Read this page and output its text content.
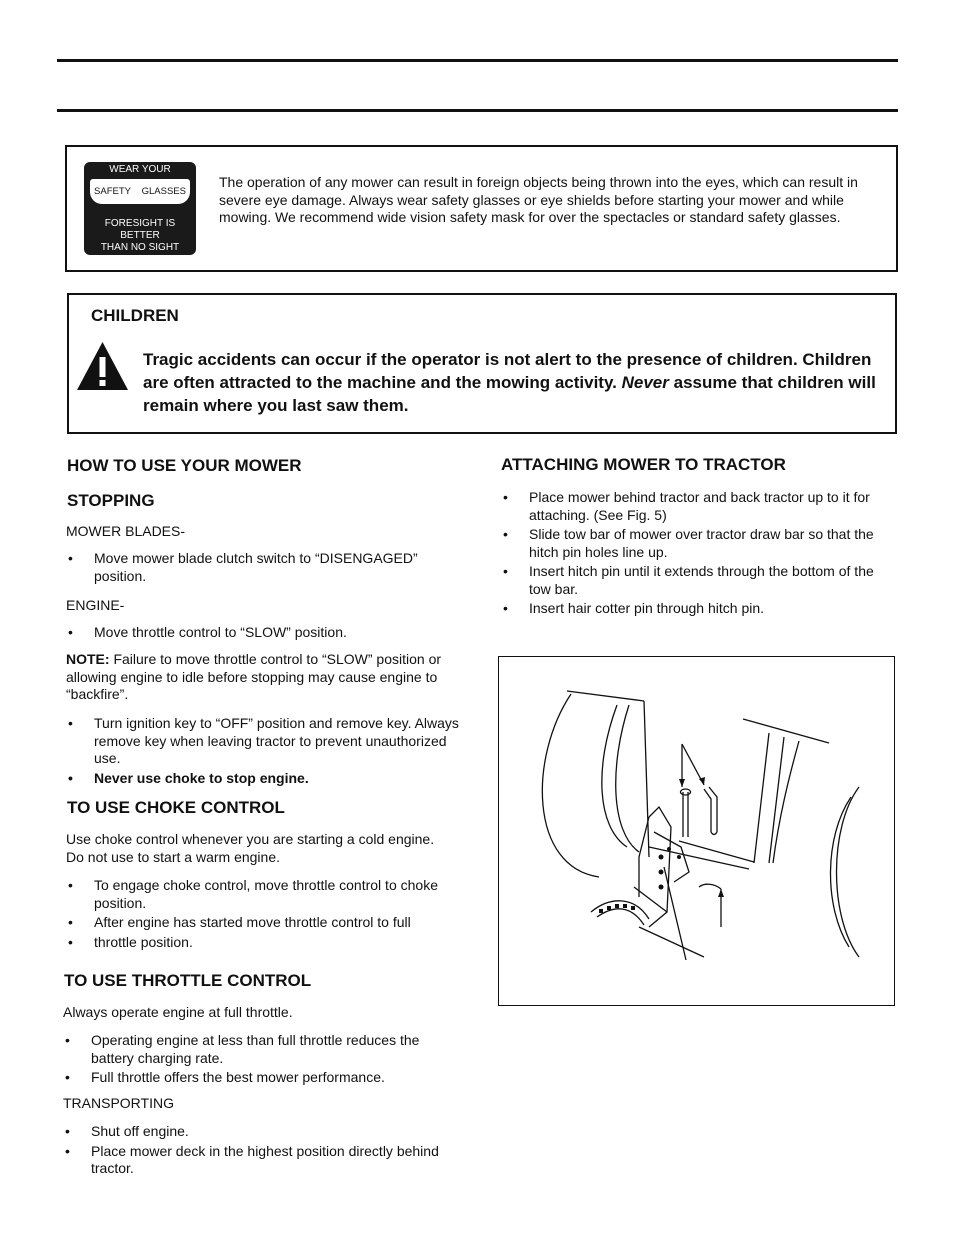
WEAR YOUR
SAFETY GLASSES
FORESIGHT IS BETTER
THAN NO SIGHT
The operation of any mower can result in foreign objects being thrown into the eyes, which can result in severe eye damage. Always wear safety glasses or eye shields before starting your mower and while mowing. We recommend wide vision safety mask for over the spectacles or standard safety glasses.
CHILDREN
Tragic accidents can occur if the operator is not alert to the presence of children. Children are often attracted to the machine and the mowing activity. Never assume that children will remain where you last saw them.
HOW TO USE YOUR MOWER
STOPPING
MOWER BLADES-
• Move mower blade clutch switch to “DISENGAGED” position.
ENGINE-
• Move throttle control to “SLOW” position.
NOTE: Failure to move throttle control to “SLOW” position or allowing engine to idle before stopping may cause engine to “backfire”.
• Turn ignition key to “OFF” position and remove key. Always remove key when leaving tractor to prevent unauthorized use.
• Never use choke to stop engine.
TO USE CHOKE CONTROL
Use choke control whenever you are starting a cold engine. Do not use to start a warm engine.
• To engage choke control, move throttle control to choke position.
• After engine has started move throttle control to full
• throttle position.
TO USE THROTTLE CONTROL
Always operate engine at full throttle.
• Operating engine at less than full throttle reduces the battery charging rate.
• Full throttle offers the best mower performance.
TRANSPORTING
• Shut off engine.
• Place mower deck in the highest position directly behind tractor.
ATTACHING MOWER TO TRACTOR
• Place mower behind tractor and back tractor up to it for attaching. (See Fig. 5)
• Slide tow bar of mower over tractor draw bar so that the hitch pin holes line up.
• Insert hitch pin until it extends through the bottom of the tow bar.
• Insert hair cotter pin through hitch pin.
